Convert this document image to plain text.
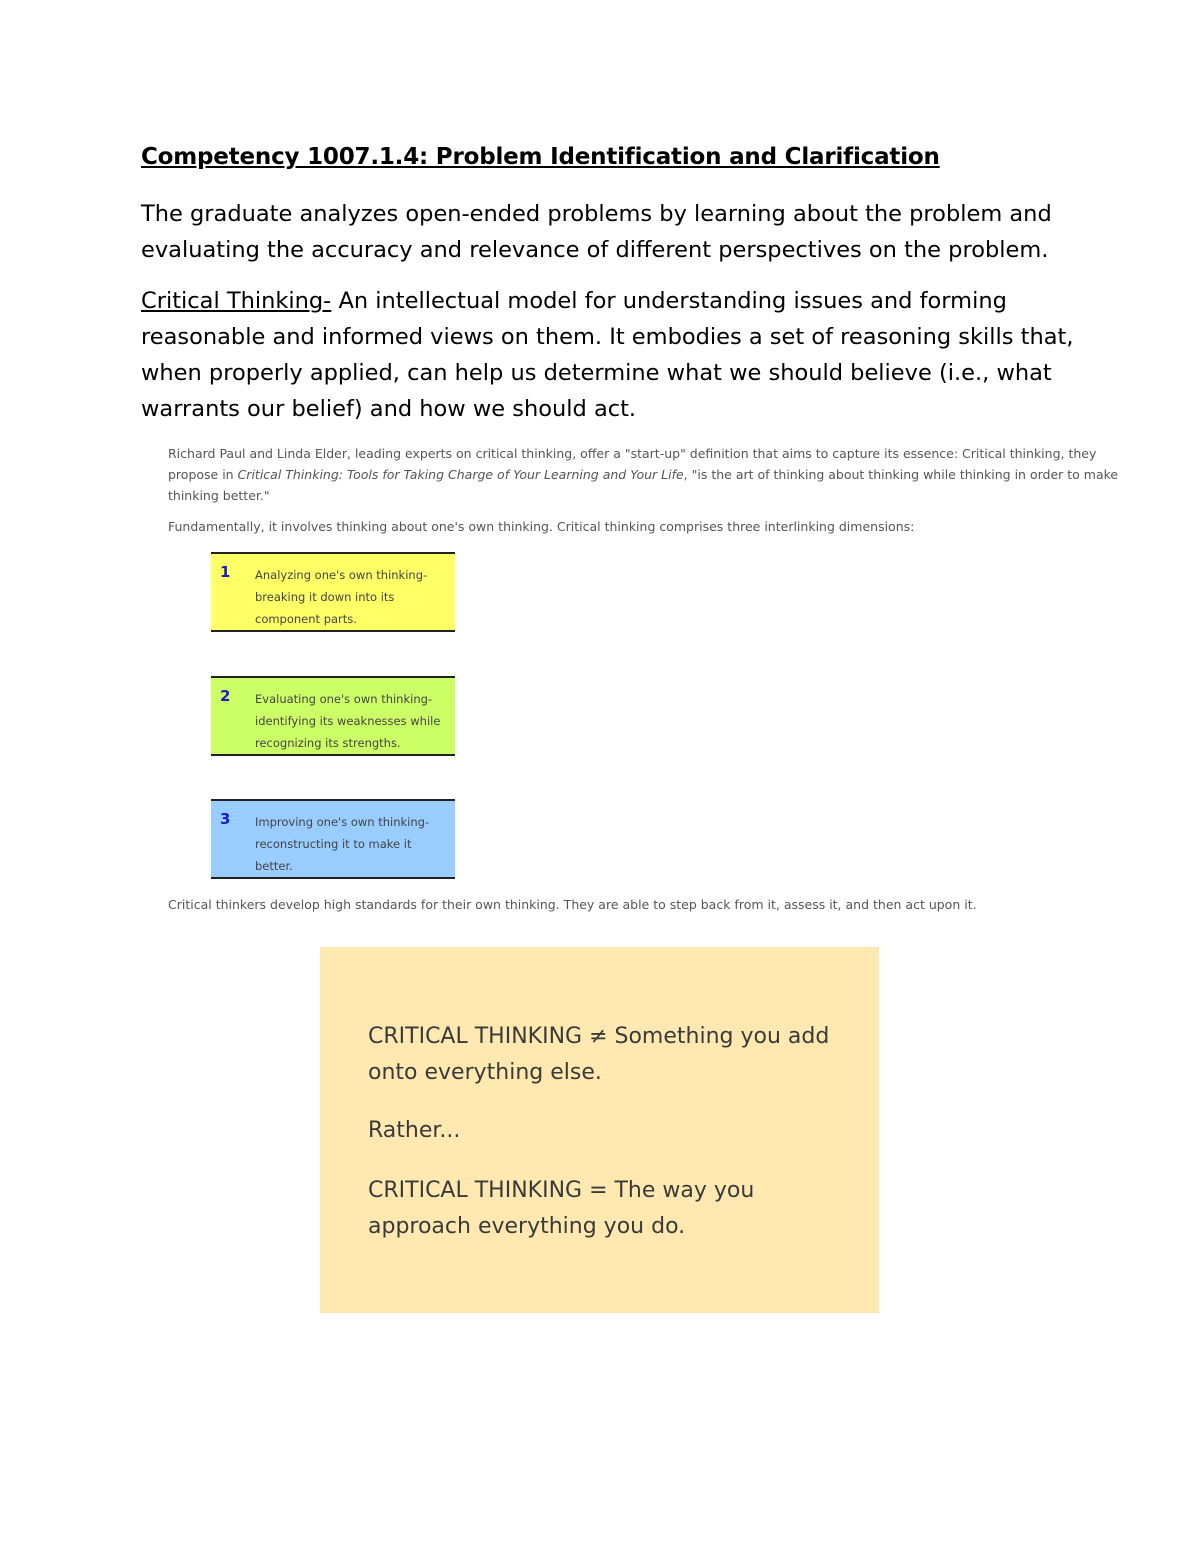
Competency 1007.1.4: Problem Identification and Clarification

The graduate analyzes open-ended problems by learning about the problem and evaluating the accuracy and relevance of different perspectives on the problem.

Critical Thinking- An intellectual model for understanding issues and forming reasonable and informed views on them. It embodies a set of reasoning skills that, when properly applied, can help us determine what we should believe (i.e., what warrants our belief) and how we should act.

Richard Paul and Linda Elder, leading experts on critical thinking, offer a "start-up" definition that aims to capture its essence: Critical thinking, they propose in Critical Thinking: Tools for Taking Charge of Your Learning and Your Life, "is the art of thinking about thinking while thinking in order to make thinking better."

Fundamentally, it involves thinking about one's own thinking. Critical thinking comprises three interlinking dimensions:

1 Analyzing one's own thinking- breaking it down into its component parts.
2 Evaluating one's own thinking- identifying its weaknesses while recognizing its strengths.
3 Improving one's own thinking- reconstructing it to make it better.

Critical thinkers develop high standards for their own thinking. They are able to step back from it, assess it, and then act upon it.

CRITICAL THINKING ≠ Something you add onto everything else.

Rather...

CRITICAL THINKING = The way you approach everything you do.
